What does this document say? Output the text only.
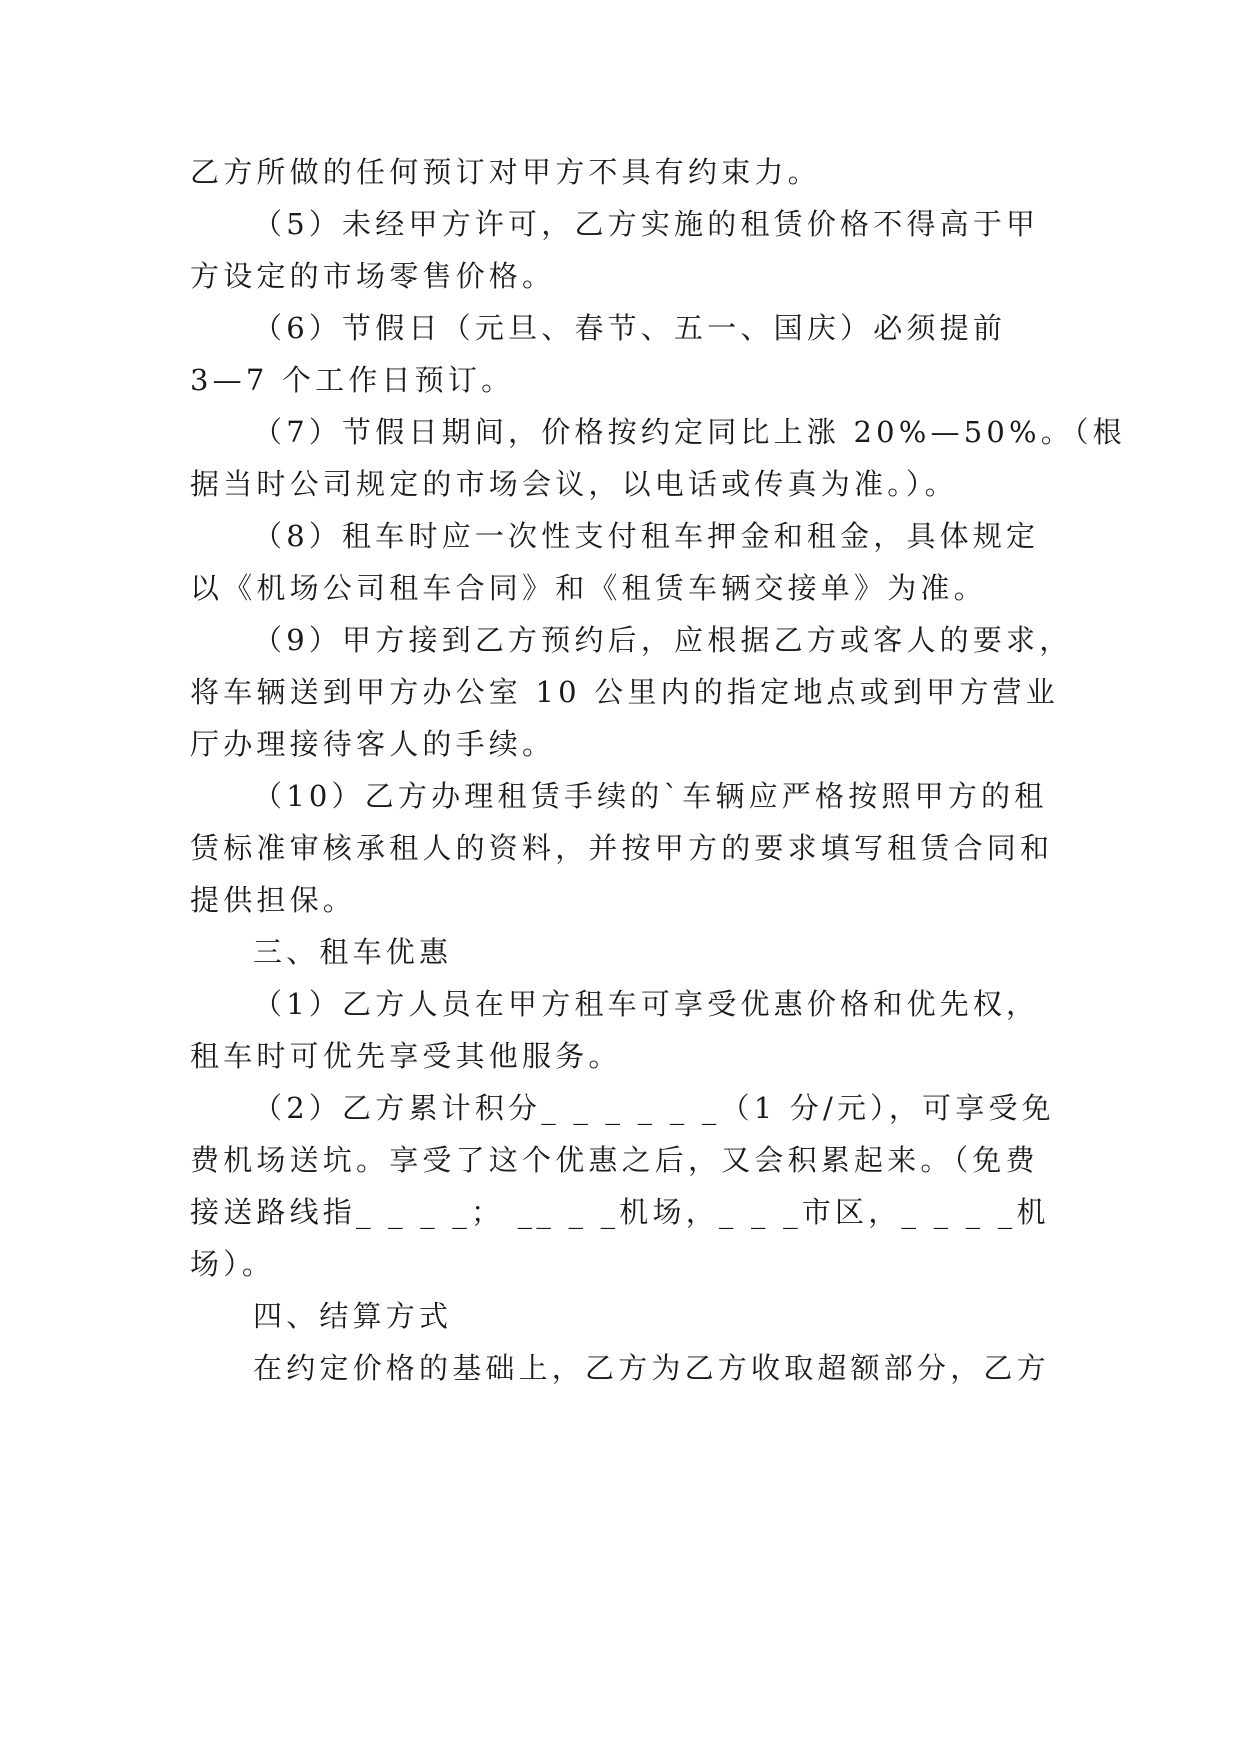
乙方所做的任何预订对甲方不具有约束力。
（5）未经甲方许可，乙方实施的租赁价格不得高于甲
方设定的市场零售价格。
（6）节假日（元旦、春节、五一、国庆）必须提前
3—7 个工作日预订。
（7）节假日期间，价格按约定同比上涨 20%—50%。（根
据当时公司规定的市场会议，以电话或传真为准。）。
（8）租车时应一次性支付租车押金和租金，具体规定
以《机场公司租车合同》和《租赁车辆交接单》为准。
（9）甲方接到乙方预约后，应根据乙方或客人的要求，
将车辆送到甲方办公室 10 公里内的指定地点或到甲方营业
厅办理接待客人的手续。
（10）乙方办理租赁手续的`车辆应严格按照甲方的租
赁标准审核承租人的资料，并按甲方的要求填写租赁合同和
提供担保。
三、租车优惠
（1）乙方人员在甲方租车可享受优惠价格和优先权，
租车时可优先享受其他服务。
（2）乙方累计积分_ _ _ _ _ _（1 分/元），可享受免
费机场送坑。享受了这个优惠之后，又会积累起来。（免费
接送路线指_ _ _ _； __ _ _机场，_ _ _市区，_ _ _ _机
场）。
四、结算方式
在约定价格的基础上，乙方为乙方收取超额部分，乙方
